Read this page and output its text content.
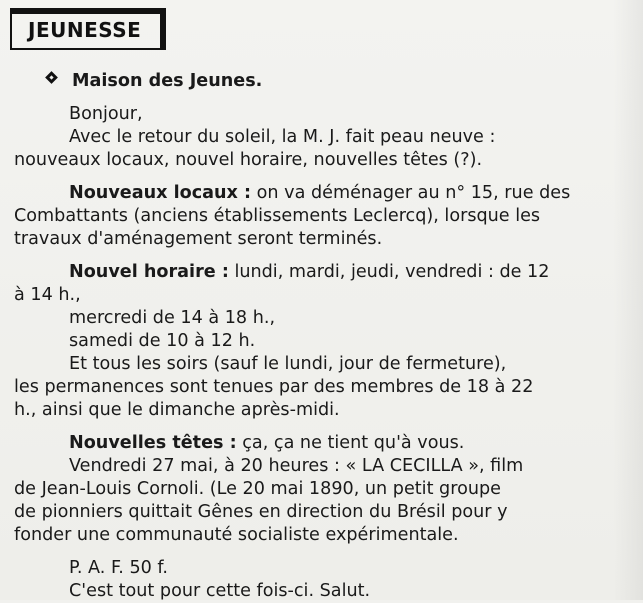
JEUNESSE
Maison des Jeunes.
Bonjour,
Avec le retour du soleil, la M. J. fait peau neuve :
nouveaux locaux, nouvel horaire, nouvelles têtes (?).
Nouveaux locaux : on va déménager au n° 15, rue des
Combattants (anciens établissements Leclercq), lorsque les
travaux d'aménagement seront terminés.
Nouvel horaire : lundi, mardi, jeudi, vendredi : de 12
à 14 h.,
mercredi de 14 à 18 h.,
samedi de 10 à 12 h.
Et tous les soirs (sauf le lundi, jour de fermeture),
les permanences sont tenues par des membres de 18 à 22
h., ainsi que le dimanche après-midi.
Nouvelles têtes : ça, ça ne tient qu'à vous.
Vendredi 27 mai, à 20 heures : « LA CECILLA », film
de Jean-Louis Cornoli. (Le 20 mai 1890, un petit groupe
de pionniers quittait Gênes en direction du Brésil pour y
fonder une communauté socialiste expérimentale.
P. A. F. 50 f.
C'est tout pour cette fois-ci. Salut.
